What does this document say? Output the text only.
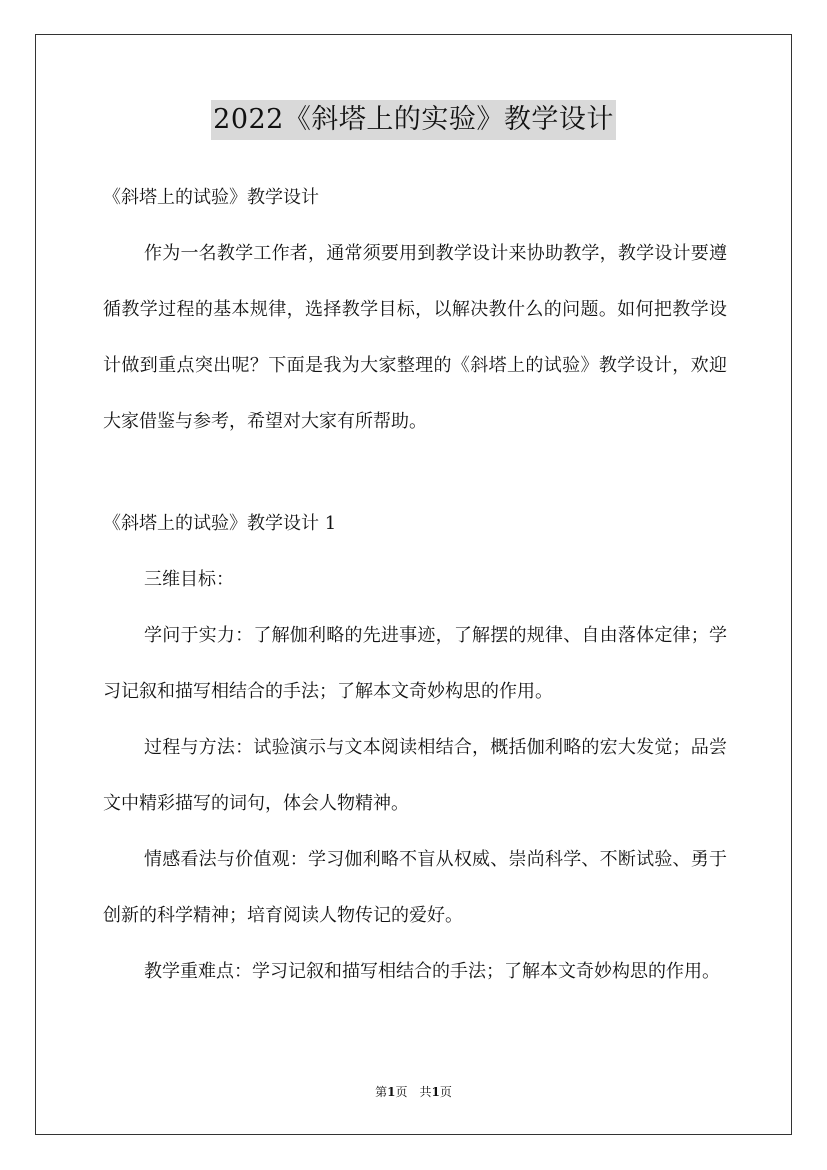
2022《斜塔上的实验》教学设计

《斜塔上的试验》教学设计

作为一名教学工作者，通常须要用到教学设计来协助教学，教学设计要遵循教学过程的基本规律，选择教学目标，以解决教什么的问题。如何把教学设计做到重点突出呢？下面是我为大家整理的《斜塔上的试验》教学设计，欢迎大家借鉴与参考，希望对大家有所帮助。

《斜塔上的试验》教学设计 1

三维目标：

学问于实力：了解伽利略的先进事迹，了解摆的规律、自由落体定律；学习记叙和描写相结合的手法；了解本文奇妙构思的作用。

过程与方法：试验演示与文本阅读相结合，概括伽利略的宏大发觉；品尝文中精彩描写的词句，体会人物精神。

情感看法与价值观：学习伽利略不盲从权威、崇尚科学、不断试验、勇于创新的科学精神；培育阅读人物传记的爱好。

教学重难点：学习记叙和描写相结合的手法；了解本文奇妙构思的作用。

第1页　共1页
